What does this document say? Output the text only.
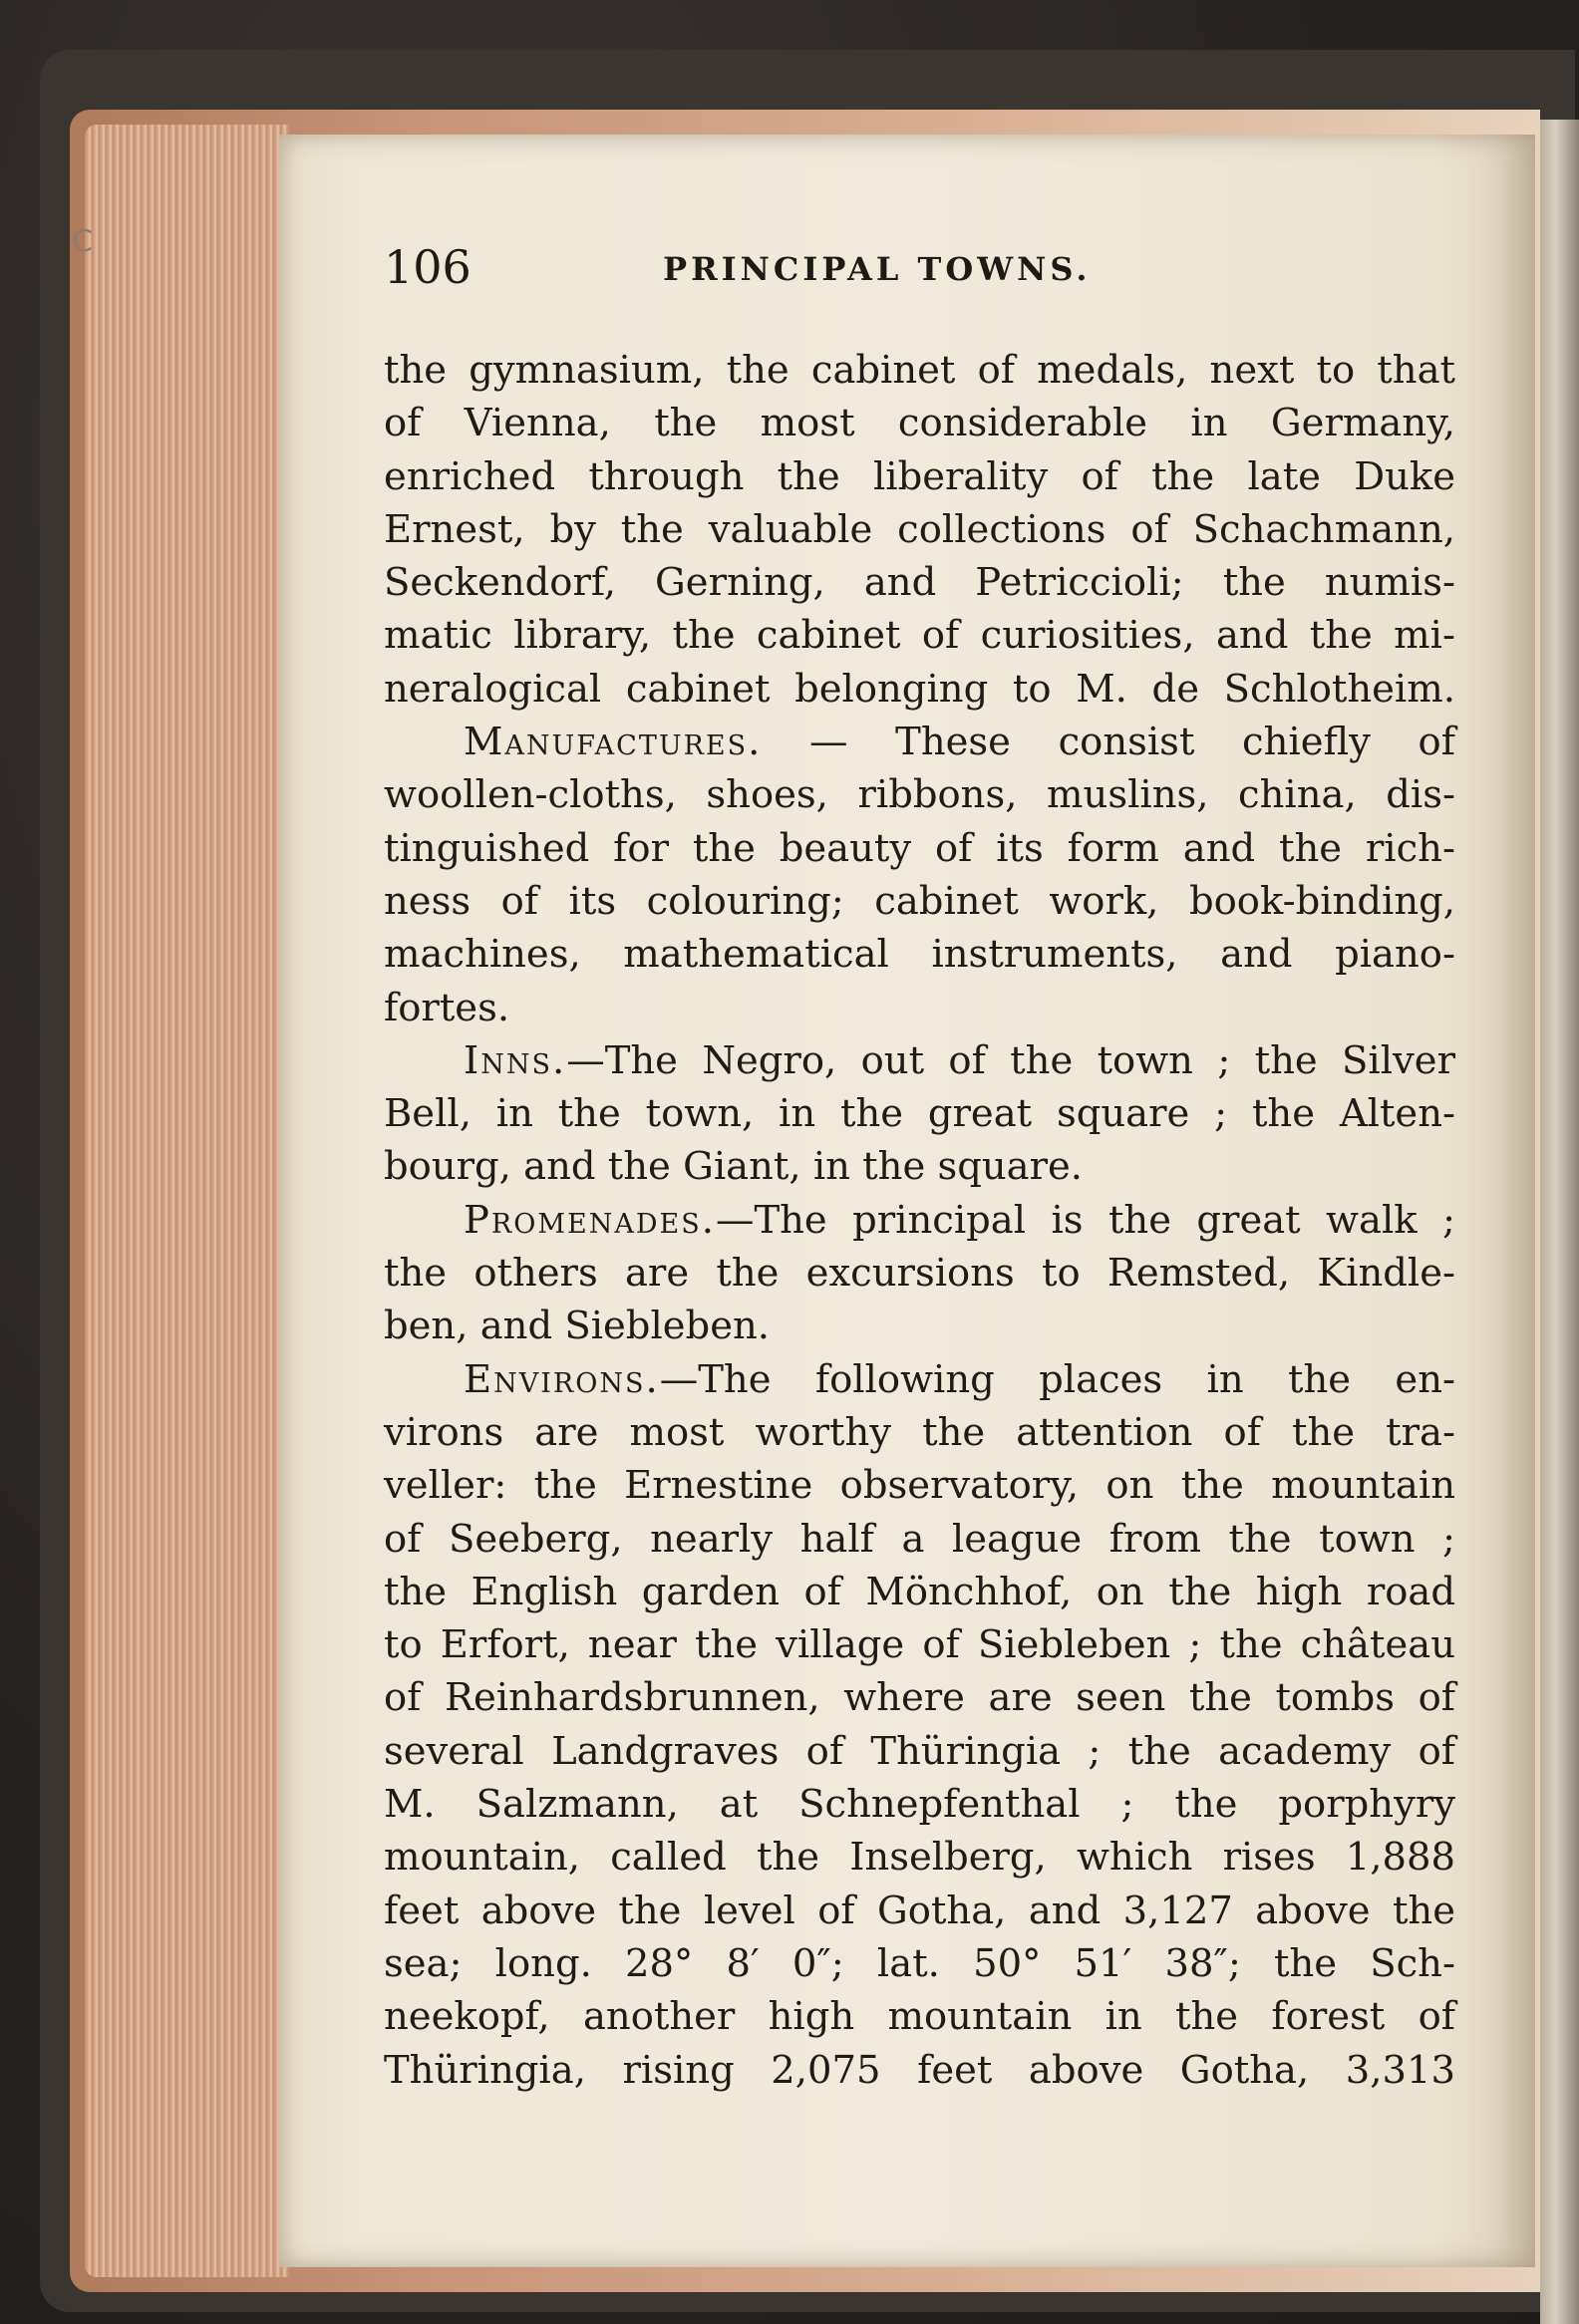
C	106	PRINCIPAL TOWNS.
the gymnasium, the cabinet of medals, next to that
of Vienna, the most considerable in Germany,
enriched through the liberality of the late Duke
Ernest, by the valuable collections of Schachmann,
Seckendorf, Gerning, and Petriccioli; the numis-
matic library, the cabinet of curiosities, and the mi-
neralogical cabinet belonging to M. de Schlotheim.
Manufactures. — These consist chiefly of
woollen-cloths, shoes, ribbons, muslins, china, dis-
tinguished for the beauty of its form and the rich-
ness of its colouring; cabinet work, book-binding,
machines, mathematical instruments, and piano-
fortes.
Inns.—The Negro, out of the town ; the Silver
Bell, in the town, in the great square ; the Alten-
bourg, and the Giant, in the square.
Promenades.—The principal is the great walk ;
the others are the excursions to Remsted, Kindle-
ben, and Siebleben.
Environs.—The following places in the en-
virons are most worthy the attention of the tra-
veller: the Ernestine observatory, on the mountain
of Seeberg, nearly half a league from the town ;
the English garden of Mönchhof, on the high road
to Erfort, near the village of Siebleben ; the château
of Reinhardsbrunnen, where are seen the tombs of
several Landgraves of Thüringia ; the academy of
M. Salzmann, at Schnepfenthal ; the porphyry
mountain, called the Inselberg, which rises 1,888
feet above the level of Gotha, and 3,127 above the
sea; long. 28° 8′ 0″; lat. 50° 51′ 38″; the Sch-
neekopf, another high mountain in the forest of
Thüringia, rising 2,075 feet above Gotha, 3,313
